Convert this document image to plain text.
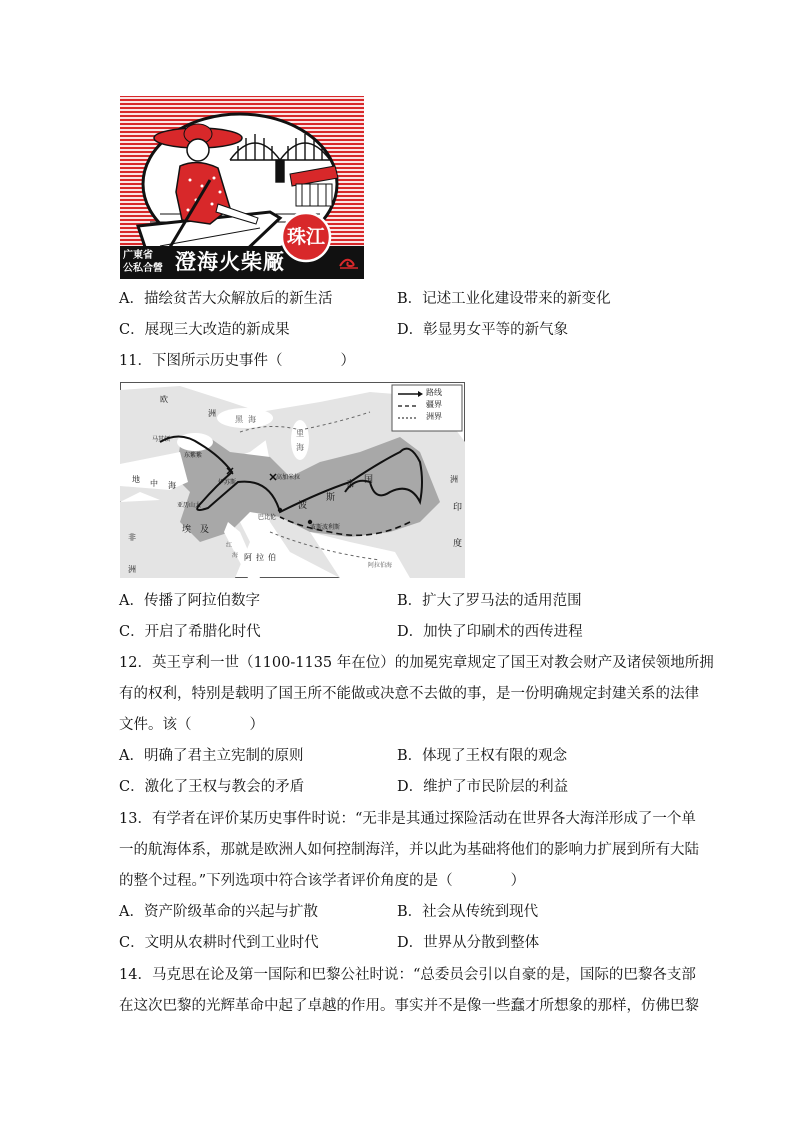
广東省
公私合營 澄海火柴厰
珠江
A．描绘贫苦大众解放后的新生活	B．记述工业化建设带来的新变化
C．展现三大改造的新成果	D．彰显男女平等的新气象
11．下图所示历史事件（　　　　）
路线
疆界
洲界
欧
洲
黑 海
里
海
马其顿
东紫紫
伊苏斯
高加米拉
亚历山大
巴比伦
地 中 海
埃 及
波
斯
帝 国
波斯波利斯
阿 拉 伯
红
海
阿拉伯海
印
度
非
洲
洲
A．传播了阿拉伯数字	B．扩大了罗马法的适用范围
C．开启了希腊化时代	D．加快了印刷术的西传进程
12．英王亨利一世（1100-1135 年在位）的加冕宪章规定了国王对教会财产及诸侯领地所拥
有的权利，特别是载明了国王所不能做或决意不去做的事，是一份明确规定封建关系的法律
文件。该（　　　　）
A．明确了君主立宪制的原则	B．体现了王权有限的观念
C．激化了王权与教会的矛盾	D．维护了市民阶层的利益
13．有学者在评价某历史事件时说：“无非是其通过探险活动在世界各大海洋形成了一个单
一的航海体系，那就是欧洲人如何控制海洋，并以此为基础将他们的影响力扩展到所有大陆
的整个过程。”下列选项中符合该学者评价角度的是（　　　　）
A．资产阶级革命的兴起与扩散	B．社会从传统到现代
C．文明从农耕时代到工业时代	D．世界从分散到整体
14．马克思在论及第一国际和巴黎公社时说：“总委员会引以自豪的是，国际的巴黎各支部
在这次巴黎的光辉革命中起了卓越的作用。事实并不是像一些蠢才所想象的那样，仿佛巴黎
